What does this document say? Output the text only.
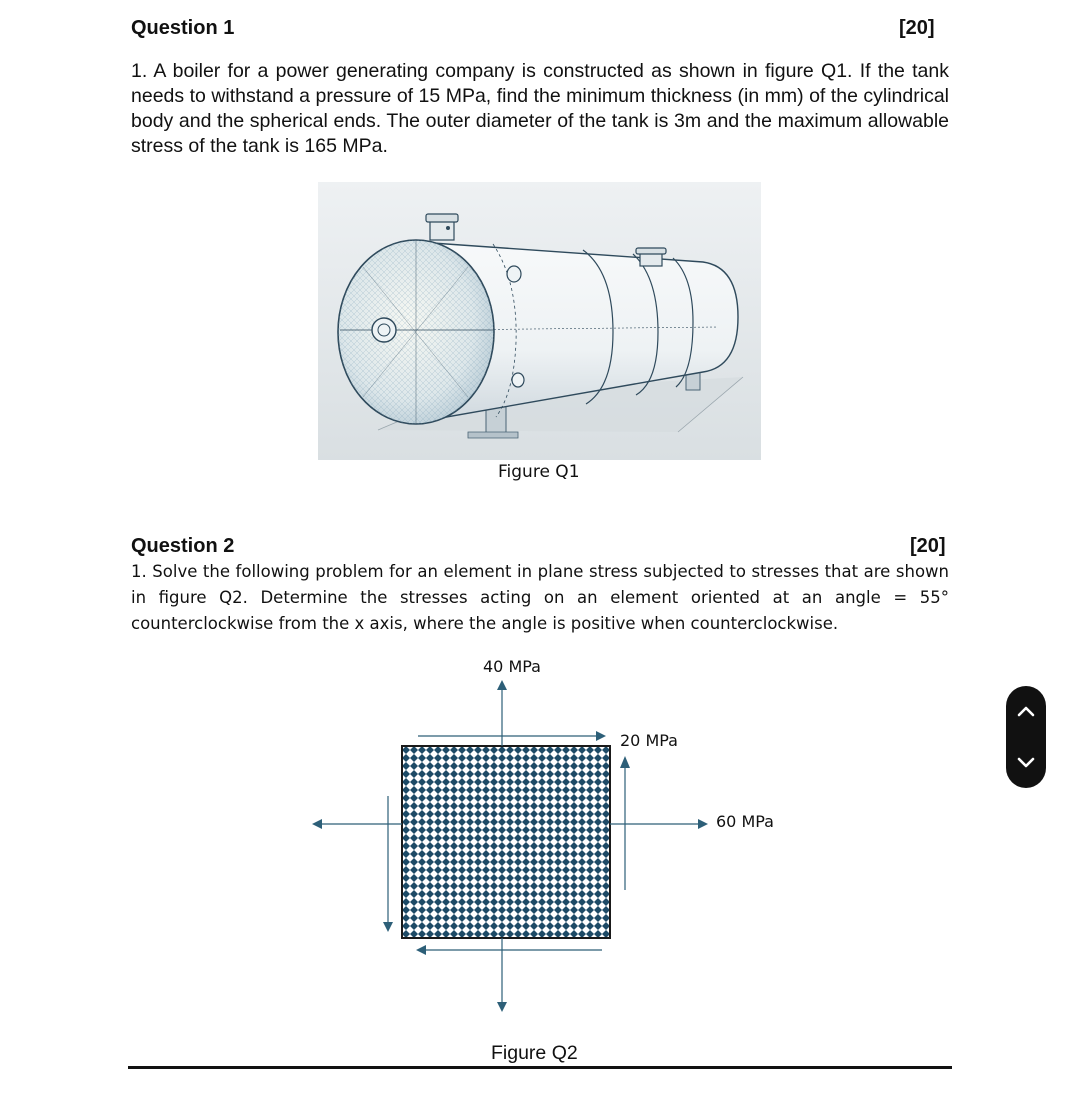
Question 1	[20]
1. A boiler for a power generating company is constructed as shown in figure Q1. If the tank needs to withstand a pressure of 15 MPa, find the minimum thickness (in mm) of the cylindrical body and the spherical ends. The outer diameter of the tank is 3m and the maximum allowable stress of the tank is 165 MPa.
Figure Q1
Question 2	[20]
1. Solve the following problem for an element in plane stress subjected to stresses that are shown in figure Q2. Determine the stresses acting on an element oriented at an angle = 55° counterclockwise from the x axis, where the angle is positive when counterclockwise.
40 MPa
20 MPa
60 MPa
Figure Q2
